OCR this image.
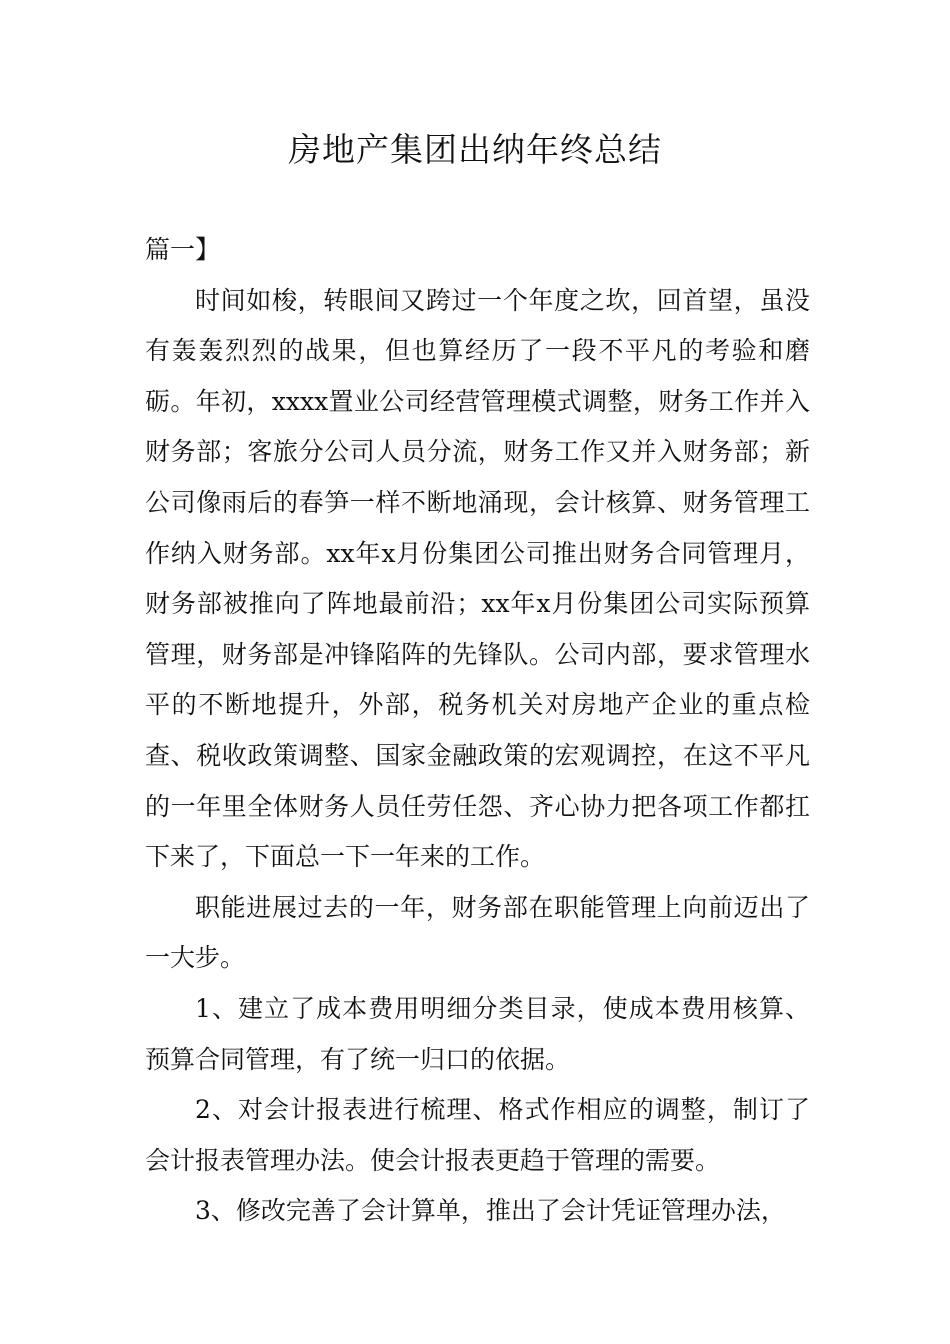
房地产集团出纳年终总结

篇一】

时间如梭，转眼间又跨过一个年度之坎，回首望，虽没有轰轰烈烈的战果，但也算经历了一段不平凡的考验和磨砺。年初，xxxx置业公司经营管理模式调整，财务工作并入财务部；客旅分公司人员分流，财务工作又并入财务部；新公司像雨后的春笋一样不断地涌现，会计核算、财务管理工作纳入财务部。xx年x月份集团公司推出财务合同管理月，财务部被推向了阵地最前沿；xx年x月份集团公司实际预算管理，财务部是冲锋陷阵的先锋队。公司内部，要求管理水平的不断地提升，外部，税务机关对房地产企业的重点检查、税收政策调整、国家金融政策的宏观调控，在这不平凡的一年里全体财务人员任劳任怨、齐心协力把各项工作都扛下来了，下面总一下一年来的工作。

职能进展过去的一年，财务部在职能管理上向前迈出了一大步。

1、建立了成本费用明细分类目录，使成本费用核算、预算合同管理，有了统一归口的依据。

2、对会计报表进行梳理、格式作相应的调整，制订了会计报表管理办法。使会计报表更趋于管理的需要。

3、修改完善了会计算单，推出了会计凭证管理办法，
